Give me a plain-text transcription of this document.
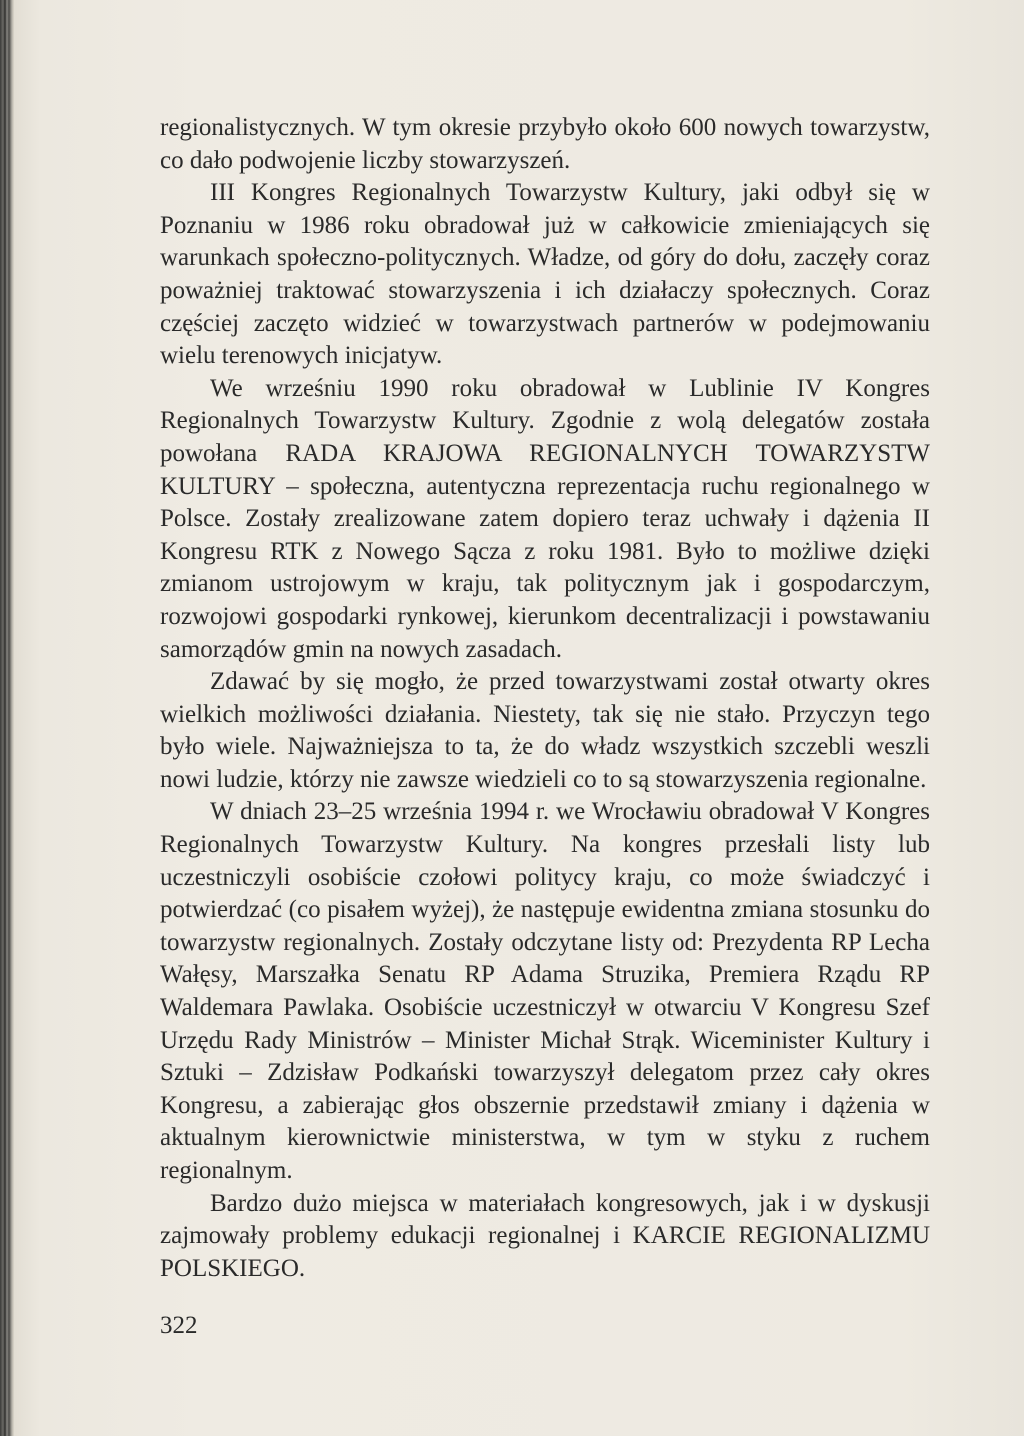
regionalistycznych. W tym okresie przybyło około 600 nowych towarzystw, co dało podwojenie liczby stowarzyszeń.

III Kongres Regionalnych Towarzystw Kultury, jaki odbył się w Poznaniu w 1986 roku obradował już w całkowicie zmieniających się warunkach społeczno-politycznych. Władze, od góry do dołu, zaczęły coraz poważniej traktować stowarzyszenia i ich działaczy społecznych. Coraz częściej zaczęto widzieć w towarzystwach partnerów w podejmowaniu wielu terenowych inicjatyw.

We wrześniu 1990 roku obradował w Lublinie IV Kongres Regionalnych Towarzystw Kultury. Zgodnie z wolą delegatów została powołana RADA KRAJOWA REGIONALNYCH TOWARZYSTW KULTURY – społeczna, autentyczna reprezentacja ruchu regionalnego w Polsce. Zostały zrealizowane zatem dopiero teraz uchwały i dążenia II Kongresu RTK z Nowego Sącza z roku 1981. Było to możliwe dzięki zmianom ustrojowym w kraju, tak politycznym jak i gospodarczym, rozwojowi gospodarki rynkowej, kierunkom decentralizacji i powstawaniu samorządów gmin na nowych zasadach.

Zdawać by się mogło, że przed towarzystwami został otwarty okres wielkich możliwości działania. Niestety, tak się nie stało. Przyczyn tego było wiele. Najważniejsza to ta, że do władz wszystkich szczebli weszli nowi ludzie, którzy nie zawsze wiedzieli co to są stowarzyszenia regionalne.

W dniach 23–25 września 1994 r. we Wrocławiu obradował V Kongres Regionalnych Towarzystw Kultury. Na kongres przesłali listy lub uczestniczyli osobiście czołowi politycy kraju, co może świadczyć i potwierdzać (co pisałem wyżej), że następuje ewidentna zmiana stosunku do towarzystw regionalnych. Zostały odczytane listy od: Prezydenta RP Lecha Wałęsy, Marszałka Senatu RP Adama Struzika, Premiera Rządu RP Waldemara Pawlaka. Osobiście uczestniczył w otwarciu V Kongresu Szef Urzędu Rady Ministrów – Minister Michał Strąk. Wiceminister Kultury i Sztuki – Zdzisław Podkański towarzyszył delegatom przez cały okres Kongresu, a zabierając głos obszernie przedstawił zmiany i dążenia w aktualnym kierownictwie ministerstwa, w tym w styku z ruchem regionalnym.

Bardzo dużo miejsca w materiałach kongresowych, jak i w dyskusji zajmowały problemy edukacji regionalnej i KARCIE REGIONALIZMU POLSKIEGO.

322
